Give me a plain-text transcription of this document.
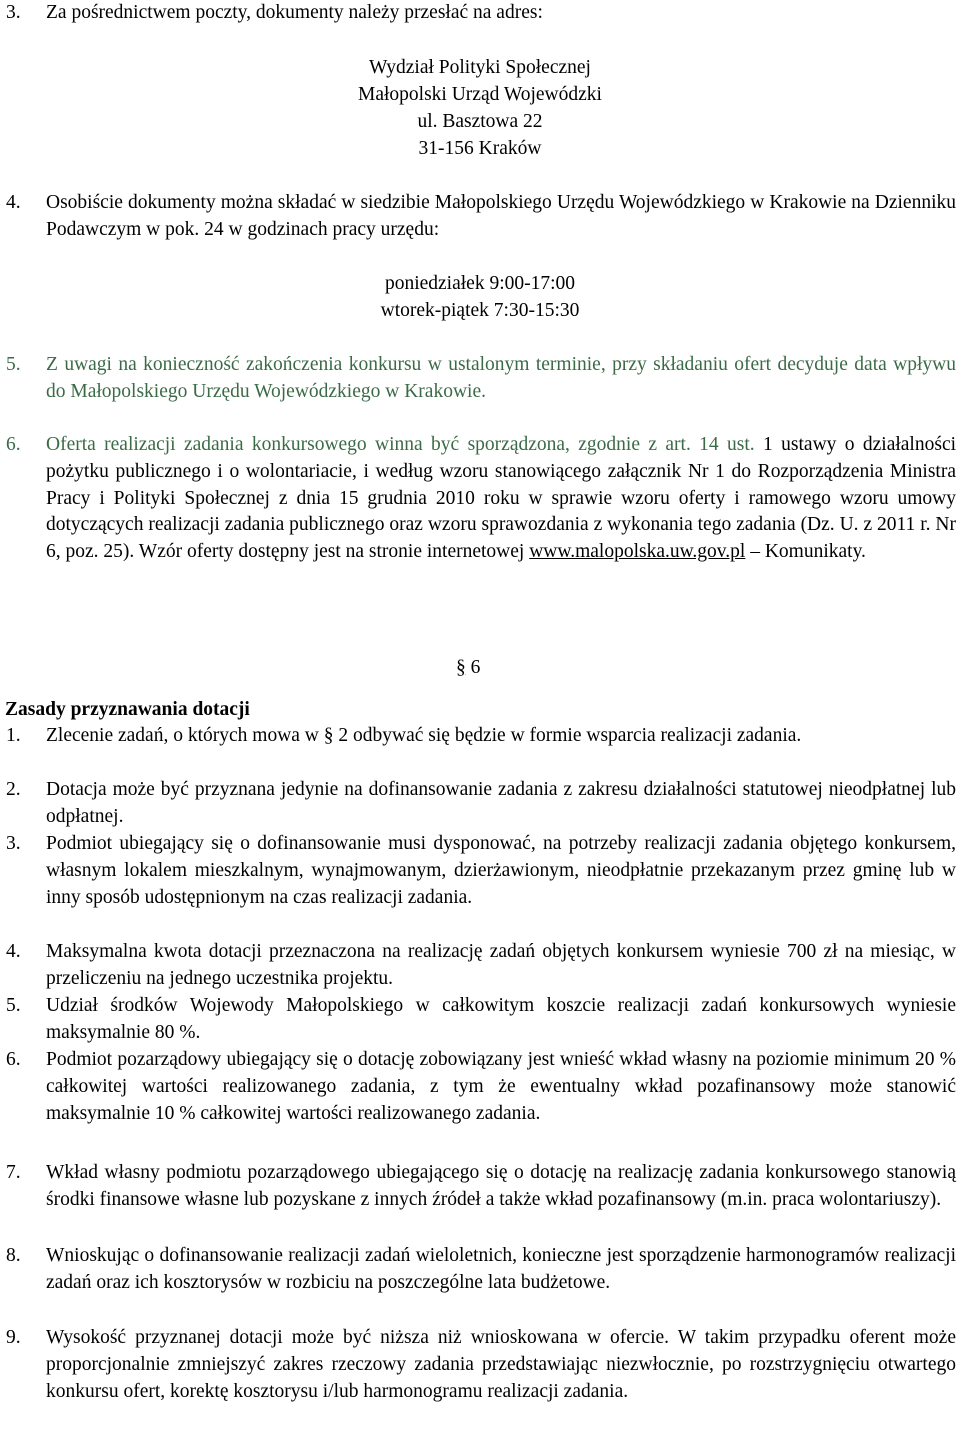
3. Za pośrednictwem poczty, dokumenty należy przesłać na adres:
Wydział Polityki Społecznej
Małopolski Urząd Wojewódzki
ul. Basztowa 22
31-156 Kraków
4. Osobiście dokumenty można składać w siedzibie Małopolskiego Urzędu Wojewódzkiego w Krakowie na Dzienniku Podawczym w pok. 24 w godzinach pracy urzędu:
poniedziałek 9:00-17:00
wtorek-piątek 7:30-15:30
5. Z uwagi na konieczność zakończenia konkursu w ustalonym terminie, przy składaniu ofert decyduje data wpływu do Małopolskiego Urzędu Wojewódzkiego w Krakowie.
6. Oferta realizacji zadania konkursowego winna być sporządzona, zgodnie z art. 14 ust. 1 ustawy o działalności pożytku publicznego i o wolontariacie, i według wzoru stanowiącego załącznik Nr 1 do Rozporządzenia Ministra Pracy i Polityki Społecznej z dnia 15 grudnia 2010 roku w sprawie wzoru oferty i ramowego wzoru umowy dotyczących realizacji zadania publicznego oraz wzoru sprawozdania z wykonania tego zadania (Dz. U. z 2011 r. Nr 6, poz. 25). Wzór oferty dostępny jest na stronie internetowej www.malopolska.uw.gov.pl – Komunikaty.
§ 6
Zasady przyznawania dotacji
1. Zlecenie zadań, o których mowa w § 2 odbywać się będzie w formie wsparcia realizacji zadania.
2. Dotacja może być przyznana jedynie na dofinansowanie zadania z zakresu działalności statutowej nieodpłatnej lub odpłatnej.
3. Podmiot ubiegający się o dofinansowanie musi dysponować, na potrzeby realizacji zadania objętego konkursem, własnym lokalem mieszkalnym, wynajmowanym, dzierżawionym, nieodpłatnie przekazanym przez gminę lub w inny sposób udostępnionym na czas realizacji zadania.
4. Maksymalna kwota dotacji przeznaczona na realizację zadań objętych konkursem wyniesie 700 zł na miesiąc, w przeliczeniu na jednego uczestnika projektu.
5. Udział środków Wojewody Małopolskiego w całkowitym koszcie realizacji zadań konkursowych wyniesie maksymalnie 80 %.
6. Podmiot pozarządowy ubiegający się o dotację zobowiązany jest wnieść wkład własny na poziomie minimum 20 % całkowitej wartości realizowanego zadania, z tym że ewentualny wkład pozafinansowy może stanowić maksymalnie 10 % całkowitej wartości realizowanego zadania.
7. Wkład własny podmiotu pozarządowego ubiegającego się o dotację na realizację zadania konkursowego stanowią środki finansowe własne lub pozyskane z innych źródeł a także wkład pozafinansowy (m.in. praca wolontariuszy).
8. Wnioskując o dofinansowanie realizacji zadań wieloletnich, konieczne jest sporządzenie harmonogramów realizacji zadań oraz ich kosztorysów w rozbiciu na poszczególne lata budżetowe.
9. Wysokość przyznanej dotacji może być niższa niż wnioskowana w ofercie. W takim przypadku oferent może proporcjonalnie zmniejszyć zakres rzeczowy zadania przedstawiając niezwłocznie, po rozstrzygnięciu otwartego konkursu ofert, korektę kosztorysu i/lub harmonogramu realizacji zadania.
